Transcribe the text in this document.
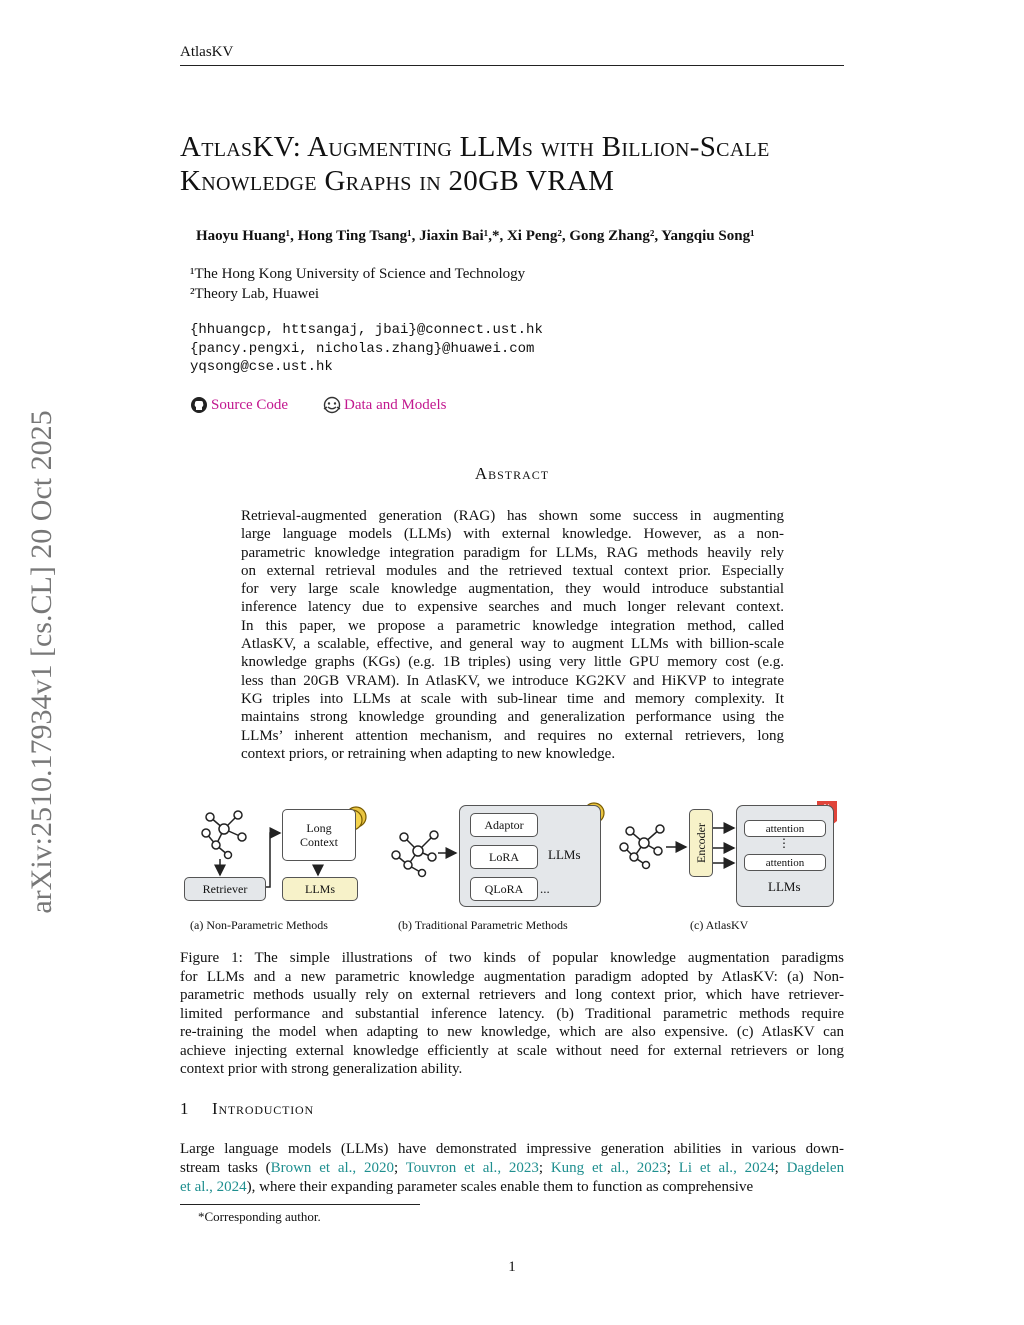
AtlasKV
arXiv:2510.17934v1 [cs.CL] 20 Oct 2025
AtlasKV: Augmenting LLMs with Billion-Scale
Knowledge Graphs in 20GB VRAM
Haoyu Huang¹, Hong Ting Tsang¹, Jiaxin Bai¹,*, Xi Peng², Gong Zhang², Yangqiu Song¹
¹The Hong Kong University of Science and Technology
²Theory Lab, Huawei
{hhuangcp, httsangaj, jbai}@connect.ust.hk
{pancy.pengxi, nicholas.zhang}@huawei.com
yqsong@cse.ust.hk
Source Code	Data and Models
Abstract
Retrieval-augmented generation (RAG) has shown some success in augmenting
large language models (LLMs) with external knowledge. However, as a non-
parametric knowledge integration paradigm for LLMs, RAG methods heavily rely
on external retrieval modules and the retrieved textual context prior. Especially
for very large scale knowledge augmentation, they would introduce substantial
inference latency due to expensive searches and much longer relevant context.
In this paper, we propose a parametric knowledge integration method, called
AtlasKV, a scalable, effective, and general way to augment LLMs with billion-scale
knowledge graphs (KGs) (e.g. 1B triples) using very little GPU memory cost (e.g.
less than 20GB VRAM). In AtlasKV, we introduce KG2KV and HiKVP to integrate
KG triples into LLMs at scale with sub-linear time and memory complexity. It
maintains strong knowledge grounding and generalization performance using the
LLMs’ inherent attention mechanism, and requires no external retrievers, long
context priors, or retraining when adapting to new knowledge.
Retriever
Long Context
LLMs
Adaptor
LoRA
QLoRA
LLMs
...
Encoder	attention
⋮
attention
LLMs
(a) Non-Parametric Methods	(b) Traditional Parametric Methods	(c) AtlasKV
Figure 1: The simple illustrations of two kinds of popular knowledge augmentation paradigms
for LLMs and a new parametric knowledge augmentation paradigm adopted by AtlasKV: (a) Non-
parametric methods usually rely on external retrievers and long context prior, which have retriever-
limited performance and substantial inference latency. (b) Traditional parametric methods require
re-training the model when adapting to new knowledge, which are also expensive. (c) AtlasKV can
achieve injecting external knowledge efficiently at scale without need for external retrievers or long
context prior with strong generalization ability.
1 Introduction
Large language models (LLMs) have demonstrated impressive generation abilities in various down-
stream tasks (Brown et al., 2020; Touvron et al., 2023; Kung et al., 2023; Li et al., 2024; Dagdelen
et al., 2024), where their expanding parameter scales enable them to function as comprehensive
*Corresponding author.
1
